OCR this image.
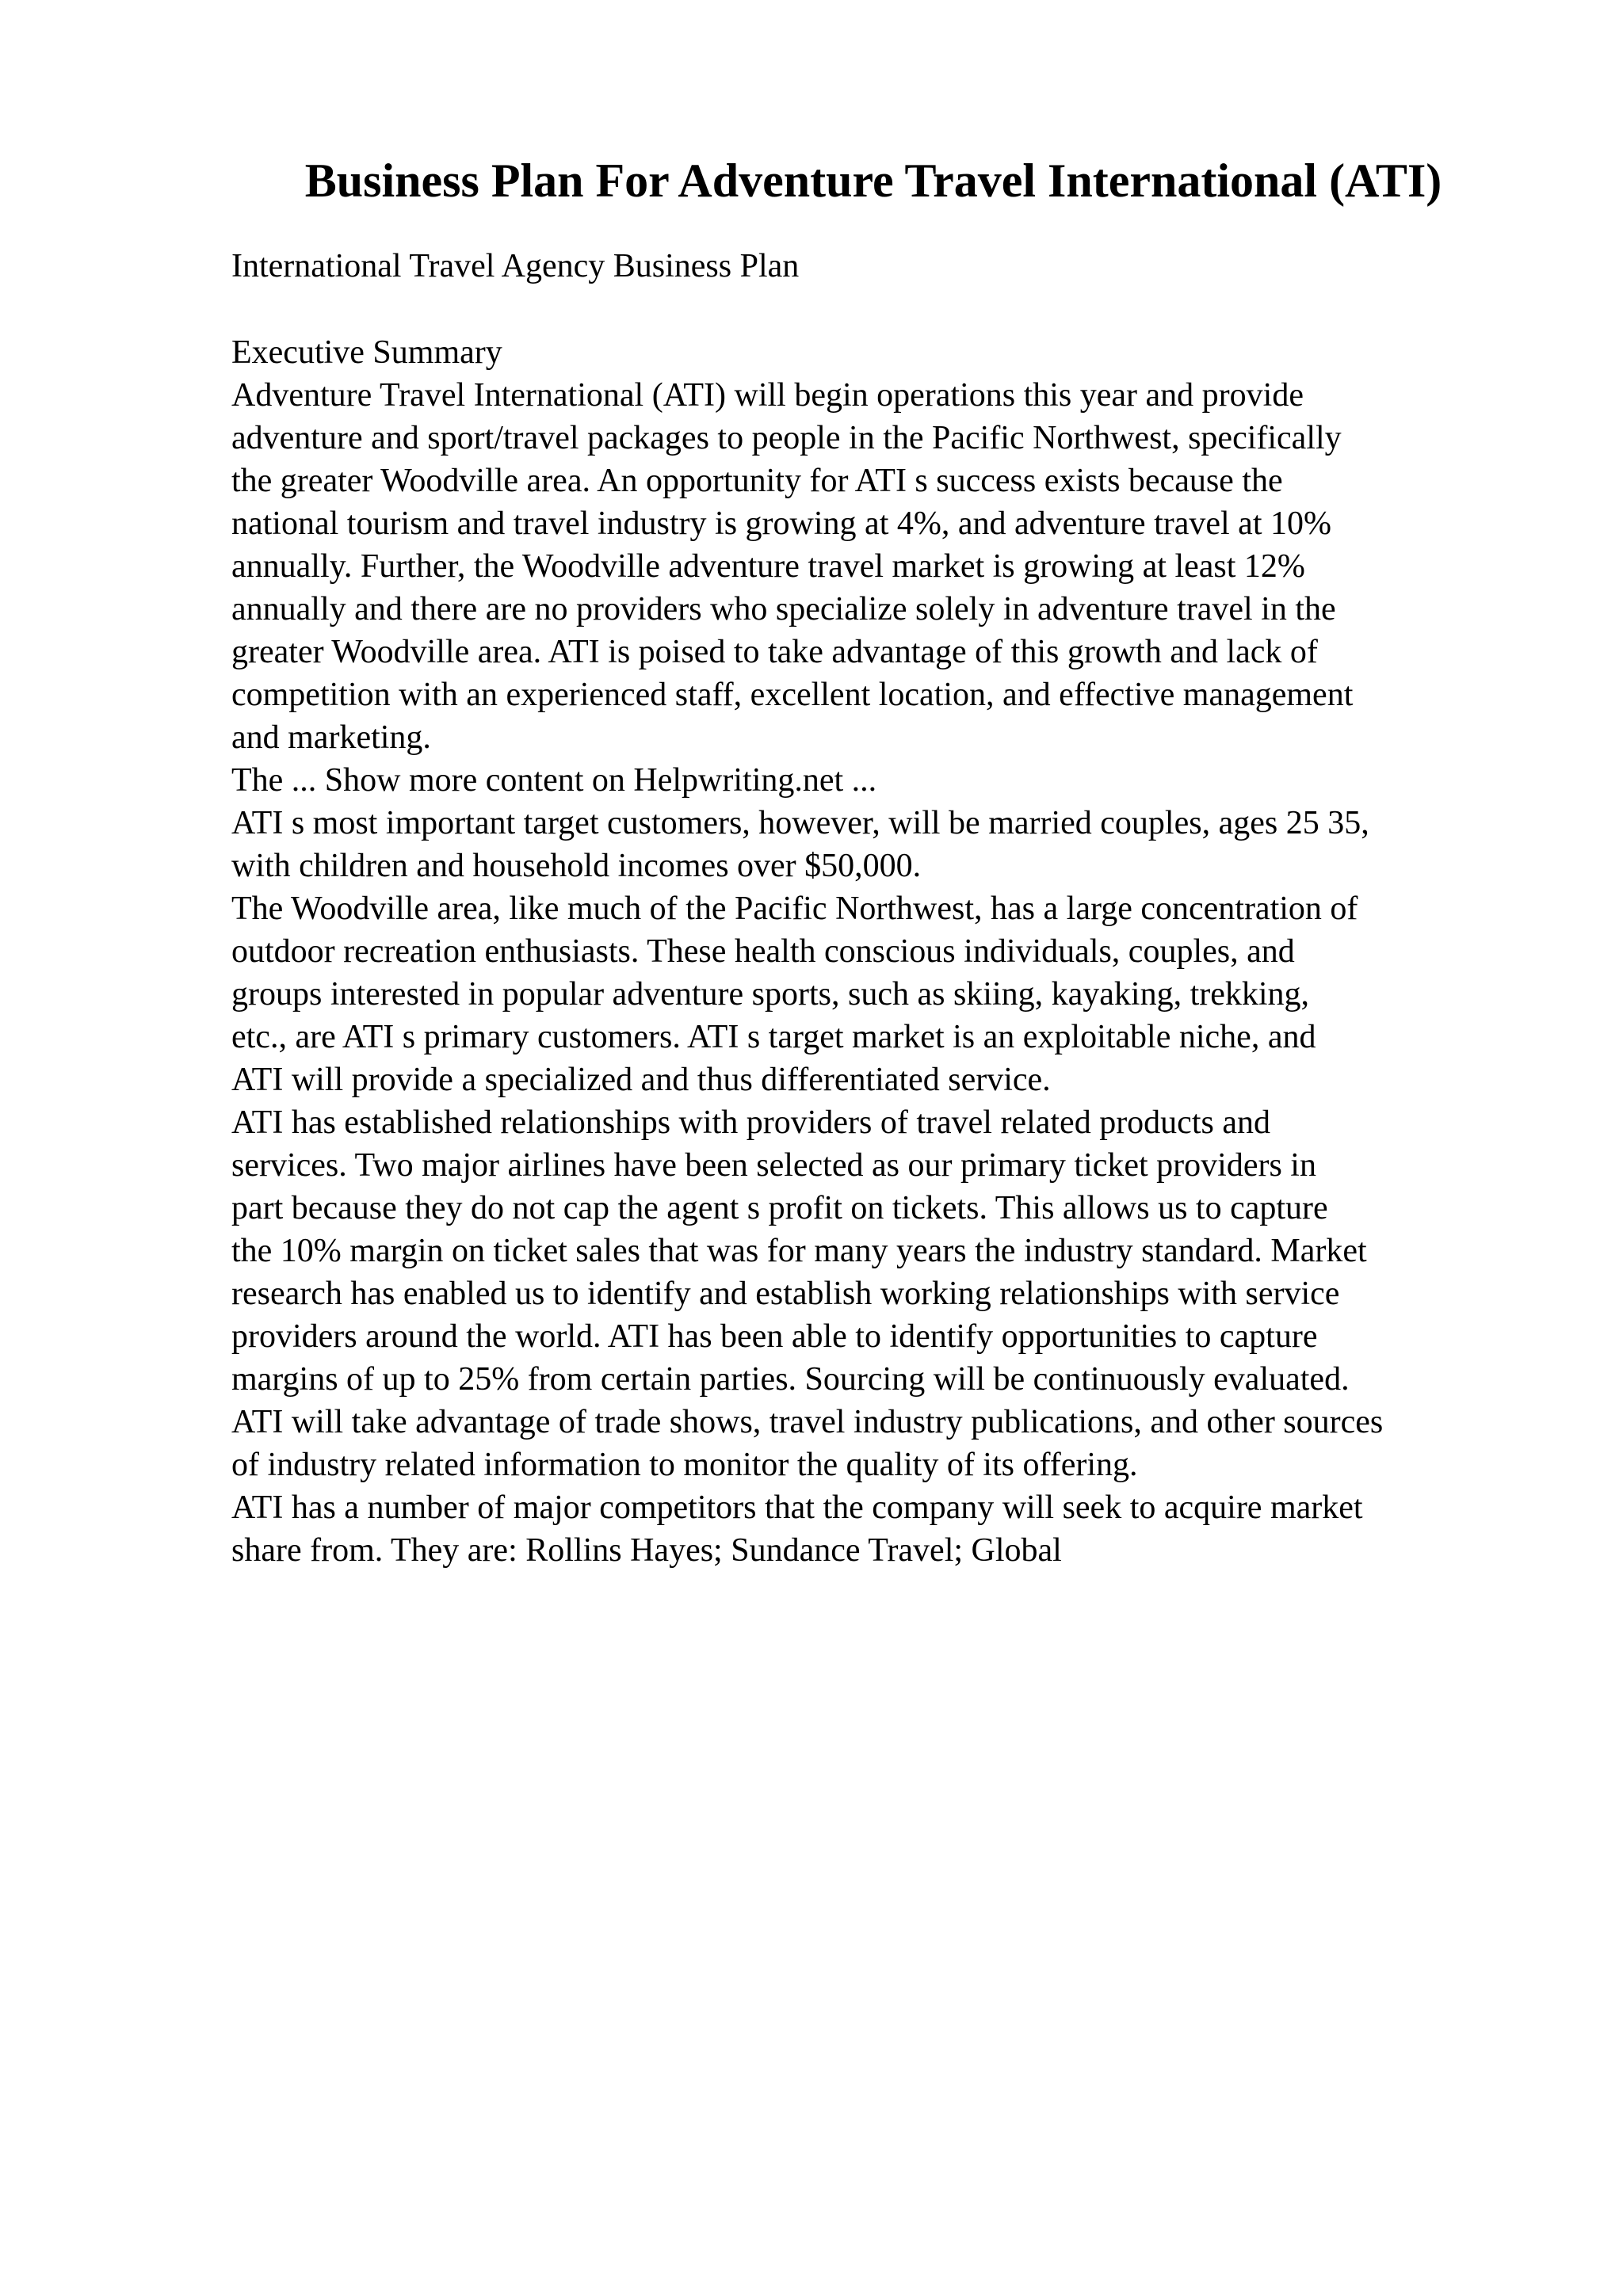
Business Plan For Adventure Travel International (ATI)

International Travel Agency Business Plan

Executive Summary
Adventure Travel International (ATI) will begin operations this year and provide
adventure and sport/travel packages to people in the Pacific Northwest, specifically
the greater Woodville area. An opportunity for ATI s success exists because the
national tourism and travel industry is growing at 4%, and adventure travel at 10%
annually. Further, the Woodville adventure travel market is growing at least 12%
annually and there are no providers who specialize solely in adventure travel in the
greater Woodville area. ATI is poised to take advantage of this growth and lack of
competition with an experienced staff, excellent location, and effective management
and marketing.
The ... Show more content on Helpwriting.net ...
ATI s most important target customers, however, will be married couples, ages 25 35,
with children and household incomes over $50,000.
The Woodville area, like much of the Pacific Northwest, has a large concentration of
outdoor recreation enthusiasts. These health conscious individuals, couples, and
groups interested in popular adventure sports, such as skiing, kayaking, trekking,
etc., are ATI s primary customers. ATI s target market is an exploitable niche, and
ATI will provide a specialized and thus differentiated service.
ATI has established relationships with providers of travel related products and
services. Two major airlines have been selected as our primary ticket providers in
part because they do not cap the agent s profit on tickets. This allows us to capture
the 10% margin on ticket sales that was for many years the industry standard. Market
research has enabled us to identify and establish working relationships with service
providers around the world. ATI has been able to identify opportunities to capture
margins of up to 25% from certain parties. Sourcing will be continuously evaluated.
ATI will take advantage of trade shows, travel industry publications, and other sources
of industry related information to monitor the quality of its offering.
ATI has a number of major competitors that the company will seek to acquire market
share from. They are: Rollins Hayes; Sundance Travel; Global
